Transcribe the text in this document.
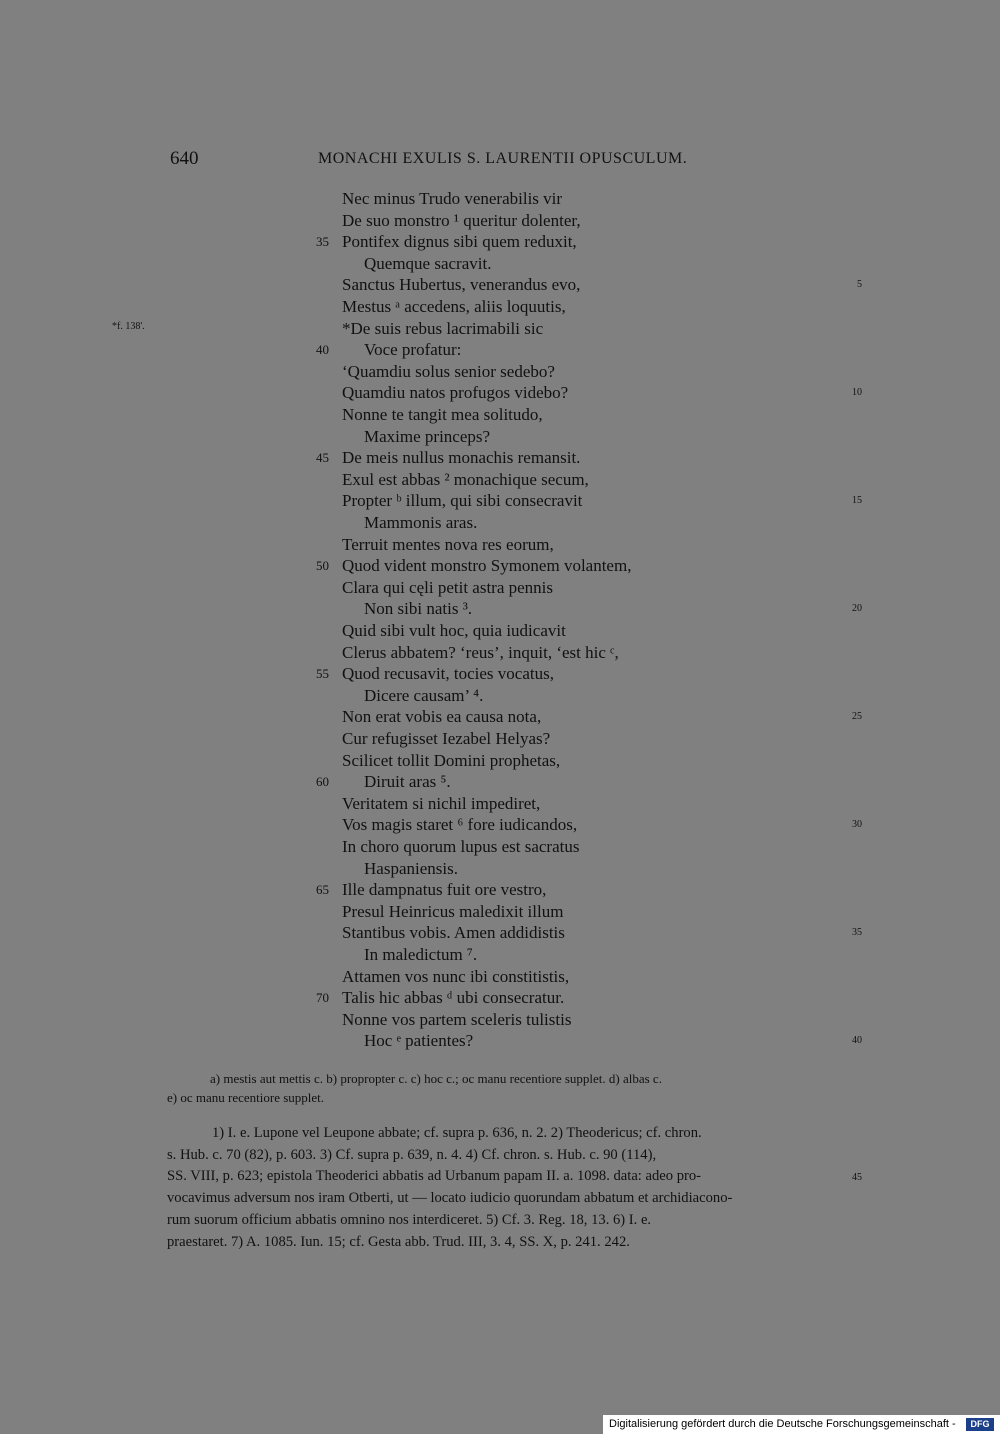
640	MONACHI EXULIS S. LAURENTII OPUSCULUM.
*f. 138'.
Nec minus Trudo venerabilis vir
De suo monstro ¹ queritur dolenter,
Pontifex dignus sibi quem reduxit,
Quemque sacravit.
Sanctus Hubertus, venerandus evo,
Mestus ᵃ accedens, aliis loquutis,
*De suis rebus lacrimabili sic
Voce profatur:
‘Quamdiu solus senior sedebo?
Quamdiu natos profugos videbo?
Nonne te tangit mea solitudo,
Maxime princeps?
De meis nullus monachis remansit.
Exul est abbas ² monachique secum,
Propter ᵇ illum, qui sibi consecravit
Mammonis aras.
Terruit mentes nova res eorum,
Quod vident monstro Symonem volantem,
Clara qui cęli petit astra pennis
Non sibi natis ³.
Quid sibi vult hoc, quia iudicavit
Clerus abbatem? ‘reus’, inquit, ‘est hic ᶜ,
Quod recusavit, tocies vocatus,
Dicere causam’ ⁴.
Non erat vobis ea causa nota,
Cur refugisset Iezabel Helyas?
Scilicet tollit Domini prophetas,
Diruit aras ⁵.
Veritatem si nichil impediret,
Vos magis staret ⁶ fore iudicandos,
In choro quorum lupus est sacratus
Haspaniensis.
Ille dampnatus fuit ore vestro,
Presul Heinricus maledixit illum
Stantibus vobis. Amen addidistis
In maledictum ⁷.
Attamen vos nunc ibi constitistis,
Talis hic abbas ᵈ ubi consecratur.
Nonne vos partem sceleris tulistis
Hoc ᵉ patientes?
35
40
45
50
55
60
65
70
5
10
15
20
25
30
35
40
45
a) mestis aut mettis c. b) propropter c. c) hoc c.; oc manu recentiore supplet. d) albas c.
e) oc manu recentiore supplet.
1) I. e. Lupone vel Leupone abbate; cf. supra p. 636, n. 2. 2) Theodericus; cf. chron.
s. Hub. c. 70 (82), p. 603. 3) Cf. supra p. 639, n. 4. 4) Cf. chron. s. Hub. c. 90 (114),
SS. VIII, p. 623; epistola Theoderici abbatis ad Urbanum papam II. a. 1098. data: adeo pro-
vocavimus adversum nos iram Otberti, ut — locato iudicio quorundam abbatum et archidiacono-
rum suorum officium abbatis omnino nos interdiceret. 5) Cf. 3. Reg. 18, 13. 6) I. e.
praestaret. 7) A. 1085. Iun. 15; cf. Gesta abb. Trud. III, 3. 4, SS. X, p. 241. 242.
Digitalisierung gefördert durch die Deutsche Forschungsgemeinschaft -	DFG
